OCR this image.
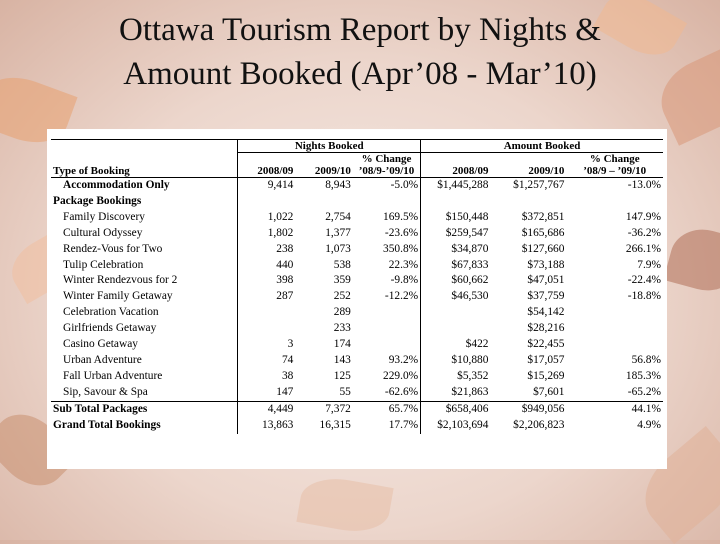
Ottawa Tourism Report by Nights &
Amount Booked (Apr’08 - Mar’10)
	Nights Booked			Amount Booked		
			% Change			% Change
Type of Booking	2008/09	2009/10	’08/9-’09/10	2008/09	2009/10	’08/9 – ’09/10
Accommodation Only	9,414	8,943	-5.0%	$1,445,288	$1,257,767	-13.0%
Package Bookings						
Family Discovery	1,022	2,754	169.5%	$150,448	$372,851	147.9%
Cultural Odyssey	1,802	1,377	-23.6%	$259,547	$165,686	-36.2%
Rendez-Vous for Two	238	1,073	350.8%	$34,870	$127,660	266.1%
Tulip Celebration	440	538	22.3%	$67,833	$73,188	7.9%
Winter Rendezvous for 2	398	359	-9.8%	$60,662	$47,051	-22.4%
Winter Family Getaway	287	252	-12.2%	$46,530	$37,759	-18.8%
Celebration Vacation		289			$54,142	
Girlfriends Getaway		233			$28,216	
Casino Getaway	3	174		$422	$22,455	
Urban Adventure	74	143	93.2%	$10,880	$17,057	56.8%
Fall Urban Adventure	38	125	229.0%	$5,352	$15,269	185.3%
Sip, Savour & Spa	147	55	-62.6%	$21,863	$7,601	-65.2%
Sub Total Packages	4,449	7,372	65.7%	$658,406	$949,056	44.1%
Grand Total Bookings	13,863	16,315	17.7%	$2,103,694	$2,206,823	4.9%
